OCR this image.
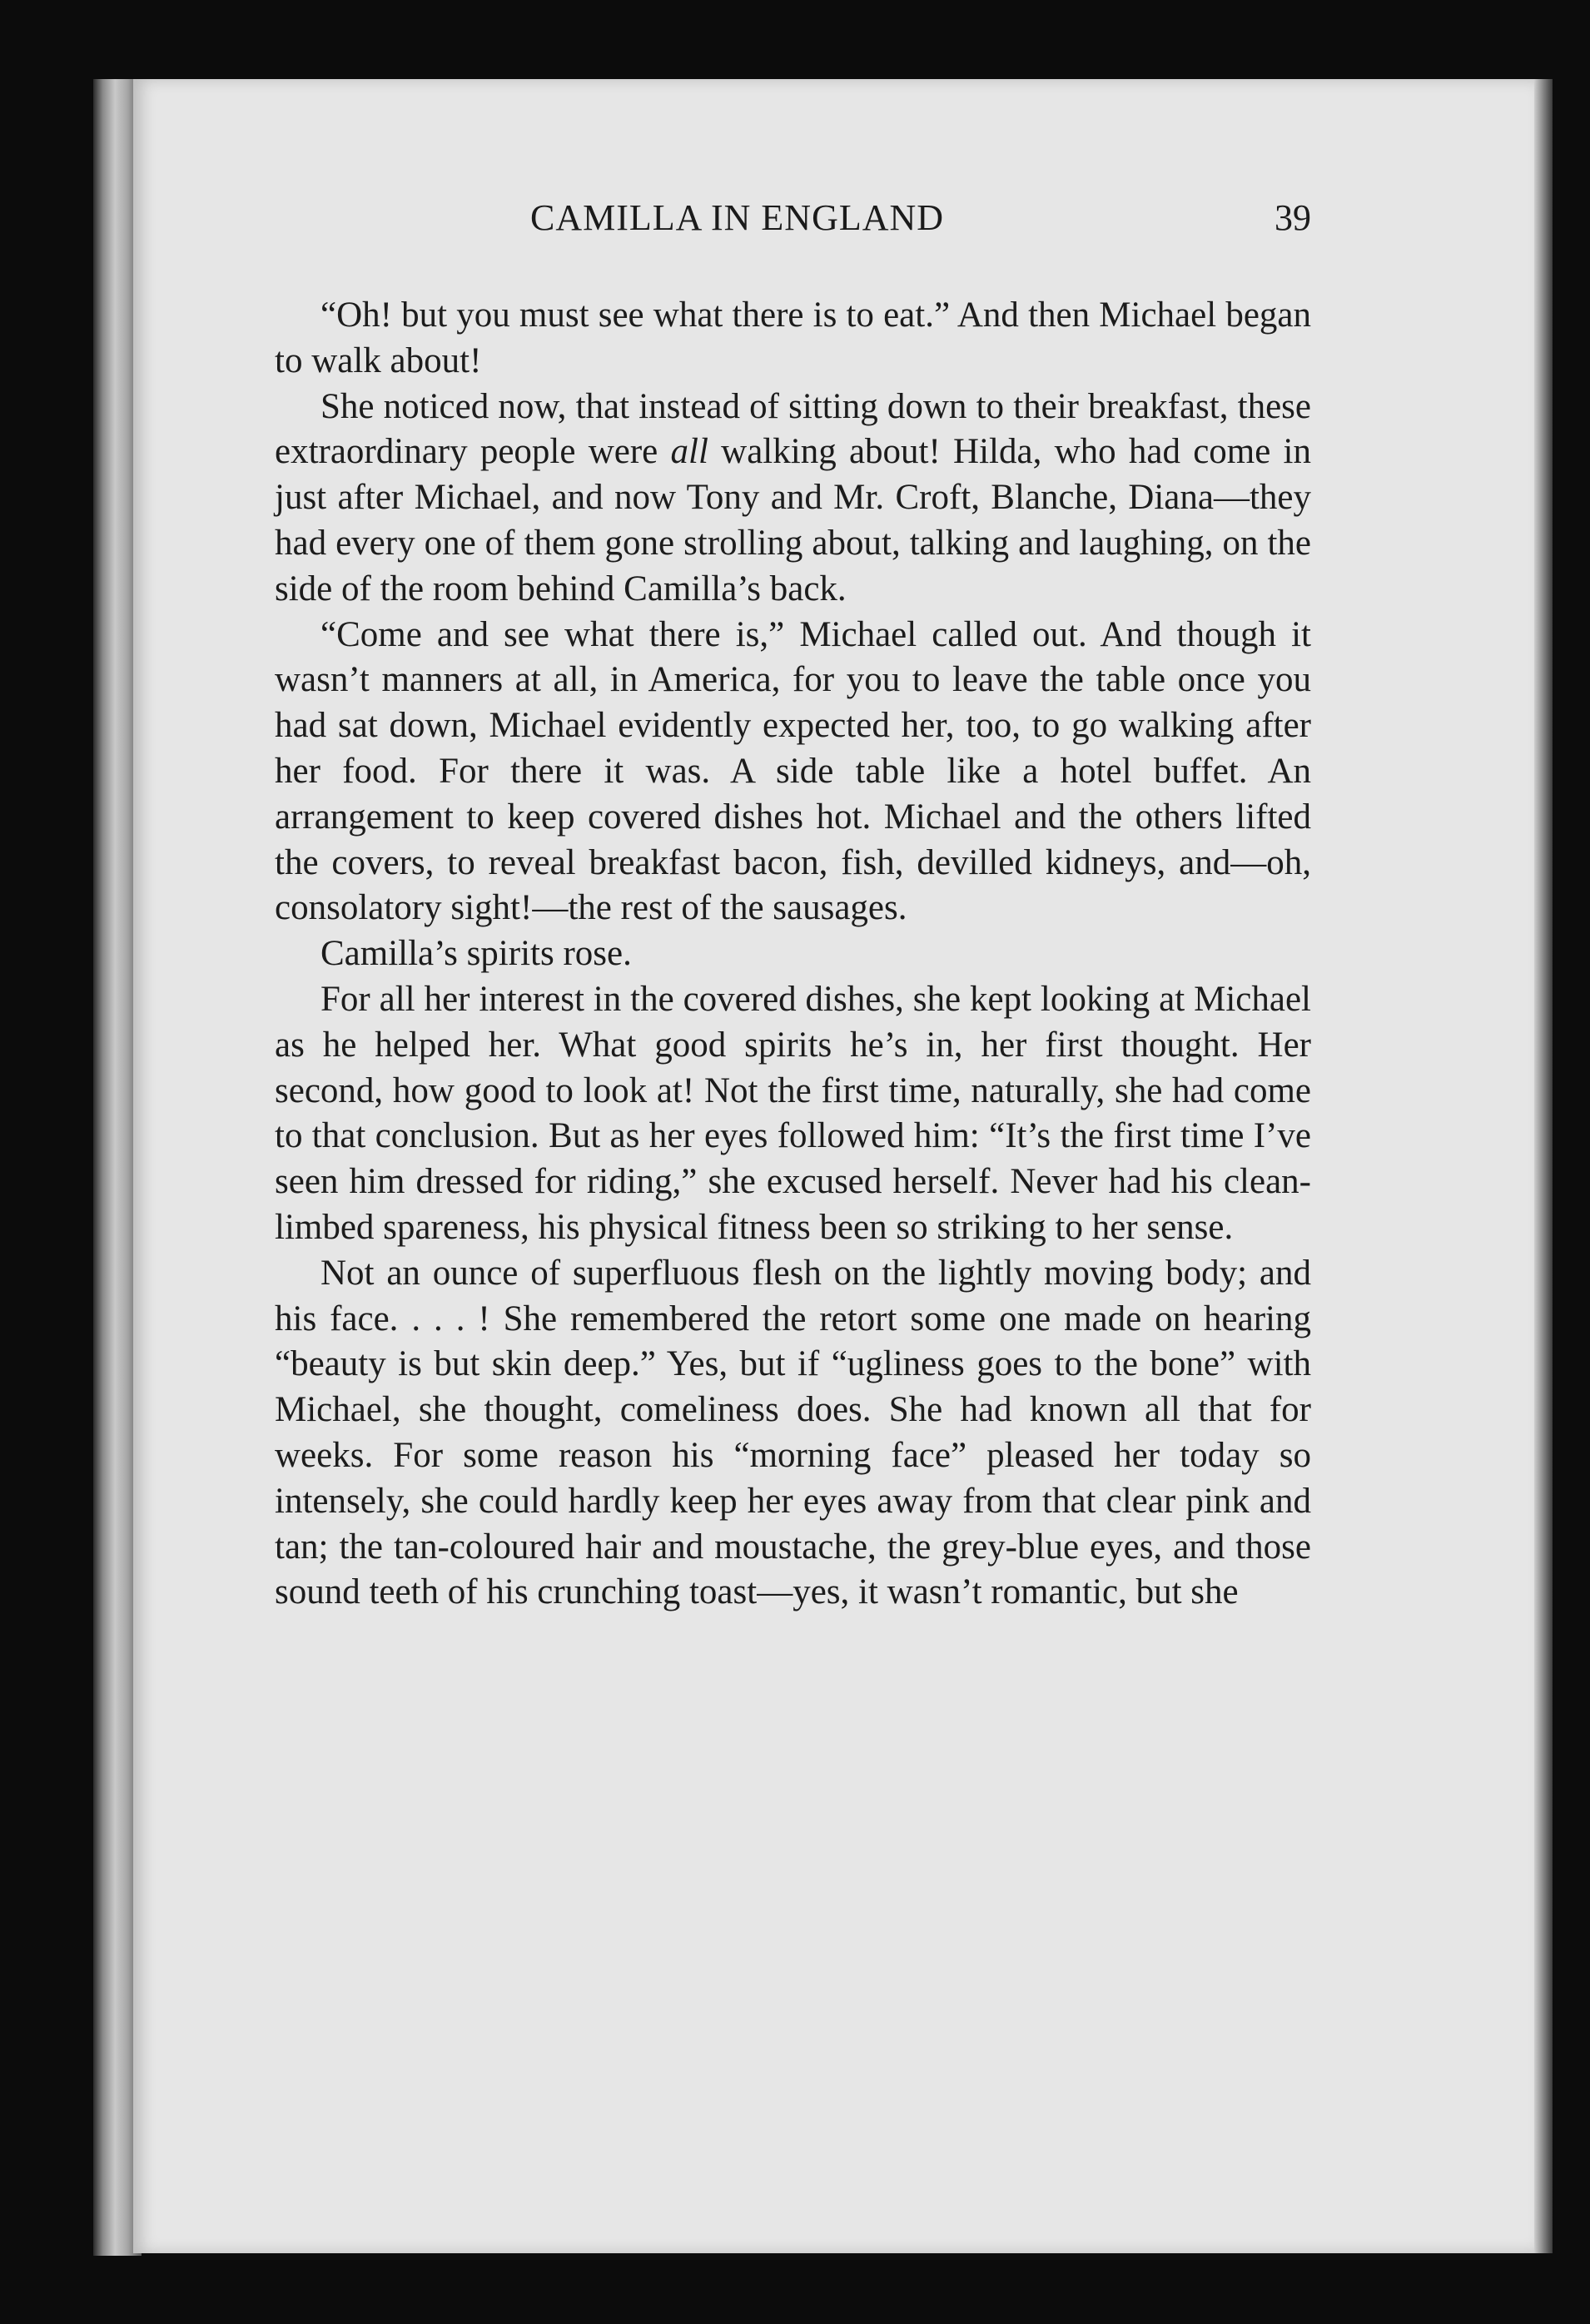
CAMILLA IN ENGLAND	39

“Oh! but you must see what there is to eat.” And then Michael began to walk about!

She noticed now, that instead of sitting down to their breakfast, these extraordinary people were all walking about! Hilda, who had come in just after Michael, and now Tony and Mr. Croft, Blanche, Diana—they had every one of them gone strolling about, talking and laughing, on the side of the room behind Camilla’s back.

“Come and see what there is,” Michael called out. And though it wasn’t manners at all, in America, for you to leave the table once you had sat down, Michael evidently expected her, too, to go walking after her food. For there it was. A side table like a hotel buffet. An arrangement to keep covered dishes hot. Michael and the others lifted the covers, to reveal breakfast bacon, fish, devilled kidneys, and—oh, consolatory sight!—the rest of the sausages.

Camilla’s spirits rose.

For all her interest in the covered dishes, she kept looking at Michael as he helped her. What good spirits he’s in, her first thought. Her second, how good to look at! Not the first time, naturally, she had come to that conclusion. But as her eyes followed him: “It’s the first time I’ve seen him dressed for riding,” she excused herself. Never had his clean-limbed spareness, his physical fitness been so striking to her sense.

Not an ounce of superfluous flesh on the lightly moving body; and his face. . . . ! She remembered the retort some one made on hearing “beauty is but skin deep.” Yes, but if “ugliness goes to the bone” with Michael, she thought, comeliness does. She had known all that for weeks. For some reason his “morning face” pleased her today so intensely, she could hardly keep her eyes away from that clear pink and tan; the tan-coloured hair and moustache, the grey-blue eyes, and those sound teeth of his crunching toast—yes, it wasn’t romantic, but she
